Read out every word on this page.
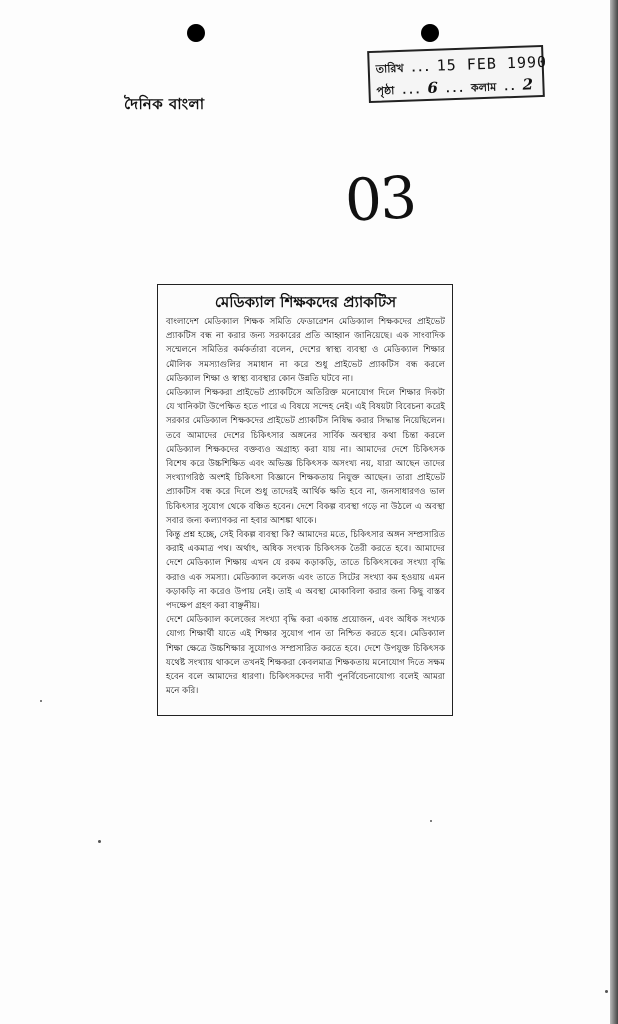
দৈনিক বাংলা
তারিখ ... 15 FEB 1990
পৃষ্ঠা ... 6 ... কলাম .. 2
03
মেডিক্যাল শিক্ষকদের প্র্যাকটিস

বাংলাদেশ মেডিক্যাল শিক্ষক সমিতি ফেডারেশন মেডিক্যাল শিক্ষকদের প্রাইভেট প্র্যাকটিস বন্ধ না করার জন্য সরকারের প্রতি আহ্বান জানিয়েছে। এক সাংবাদিক সম্মেলনে সমিতির কর্মকর্তারা বলেন, দেশের স্বাস্থ্য ব্যবস্থা ও মেডিক্যাল শিক্ষার মৌলিক সমস্যাগুলির সমাধান না করে শুধু প্রাইভেট প্র্যাকটিস বন্ধ করলে মেডিক্যাল শিক্ষা ও স্বাস্থ্য ব্যবস্থার কোন উন্নতি ঘটবে না।

মেডিক্যাল শিক্ষকরা প্রাইভেট প্র্যাকটিসে অতিরিক্ত মনোযোগ দিলে শিক্ষার দিকটা যে খানিকটা উপেক্ষিত হতে পারে এ বিষয়ে সন্দেহ নেই। এই বিষয়টা বিবেচনা করেই সরকার মেডিক্যাল শিক্ষকদের প্রাইভেট প্র্যাকটিস নিষিদ্ধ করার সিদ্ধান্ত নিয়েছিলেন। তবে আমাদের দেশের চিকিৎসার অঙ্গনের সার্বিক অবস্থার কথা চিন্তা করলে মেডিক্যাল শিক্ষকদের বক্তব্যও অগ্রাহ্য করা যায় না। আমাদের দেশে চিকিৎসক বিশেষ করে উচ্চশিক্ষিত এবং অভিজ্ঞ চিকিৎসক অসংখ্য নয়, যারা আছেন তাদের সংখ্যাগরিষ্ঠ অংশই চিকিৎসা বিজ্ঞানে শিক্ষকতায় নিযুক্ত আছেন। তারা প্রাইভেট প্র্যাকটিস বন্ধ করে দিলে শুধু তাদেরই আর্থিক ক্ষতি হবে না, জনসাধারণও ভাল চিকিৎসার সুযোগ থেকে বঞ্চিত হবেন। দেশে বিকল্প ব্যবস্থা গড়ে না উঠলে এ অবস্থা সবার জন্য কল্যাণকর না হবার আশঙ্কা থাকে।

কিন্তু প্রশ্ন হচ্ছে, সেই বিকল্প ব্যবস্থা কি? আমাদের মতে, চিকিৎসার অঙ্গন সম্প্রসারিত করাই একমাত্র পথ। অর্থাৎ, অধিক সংখ্যক চিকিৎসক তৈরী করতে হবে। আমাদের দেশে মেডিক্যাল শিক্ষায় এখন যে রকম কড়াকড়ি, তাতে চিকিৎসকের সংখ্যা বৃদ্ধি করাও এক সমস্যা। মেডিক্যাল কলেজ এবং তাতে সিটের সংখ্যা কম হওয়ায় এমন কড়াকড়ি না করেও উপায় নেই। তাই এ অবস্থা মোকাবিলা করার জন্য কিছু বাস্তব পদক্ষেপ গ্রহণ করা বাঞ্ছনীয়।

দেশে মেডিক্যাল কলেজের সংখ্যা বৃদ্ধি করা একান্ত প্রয়োজন, এবং অধিক সংখ্যক যোগ্য শিক্ষার্থী যাতে এই শিক্ষার সুযোগ পান তা নিশ্চিত করতে হবে। মেডিক্যাল শিক্ষা ক্ষেত্রে উচ্চশিক্ষার সুযোগও সম্প্রসারিত করতে হবে। দেশে উপযুক্ত চিকিৎসক যথেষ্ট সংখ্যায় থাকলে তখনই শিক্ষকরা কেবলমাত্র শিক্ষকতায় মনোযোগ দিতে সক্ষম হবেন বলে আমাদের ধারণা। চিকিৎসকদের দাবী পুনর্বিবেচনাযোগ্য বলেই আমরা মনে করি।
